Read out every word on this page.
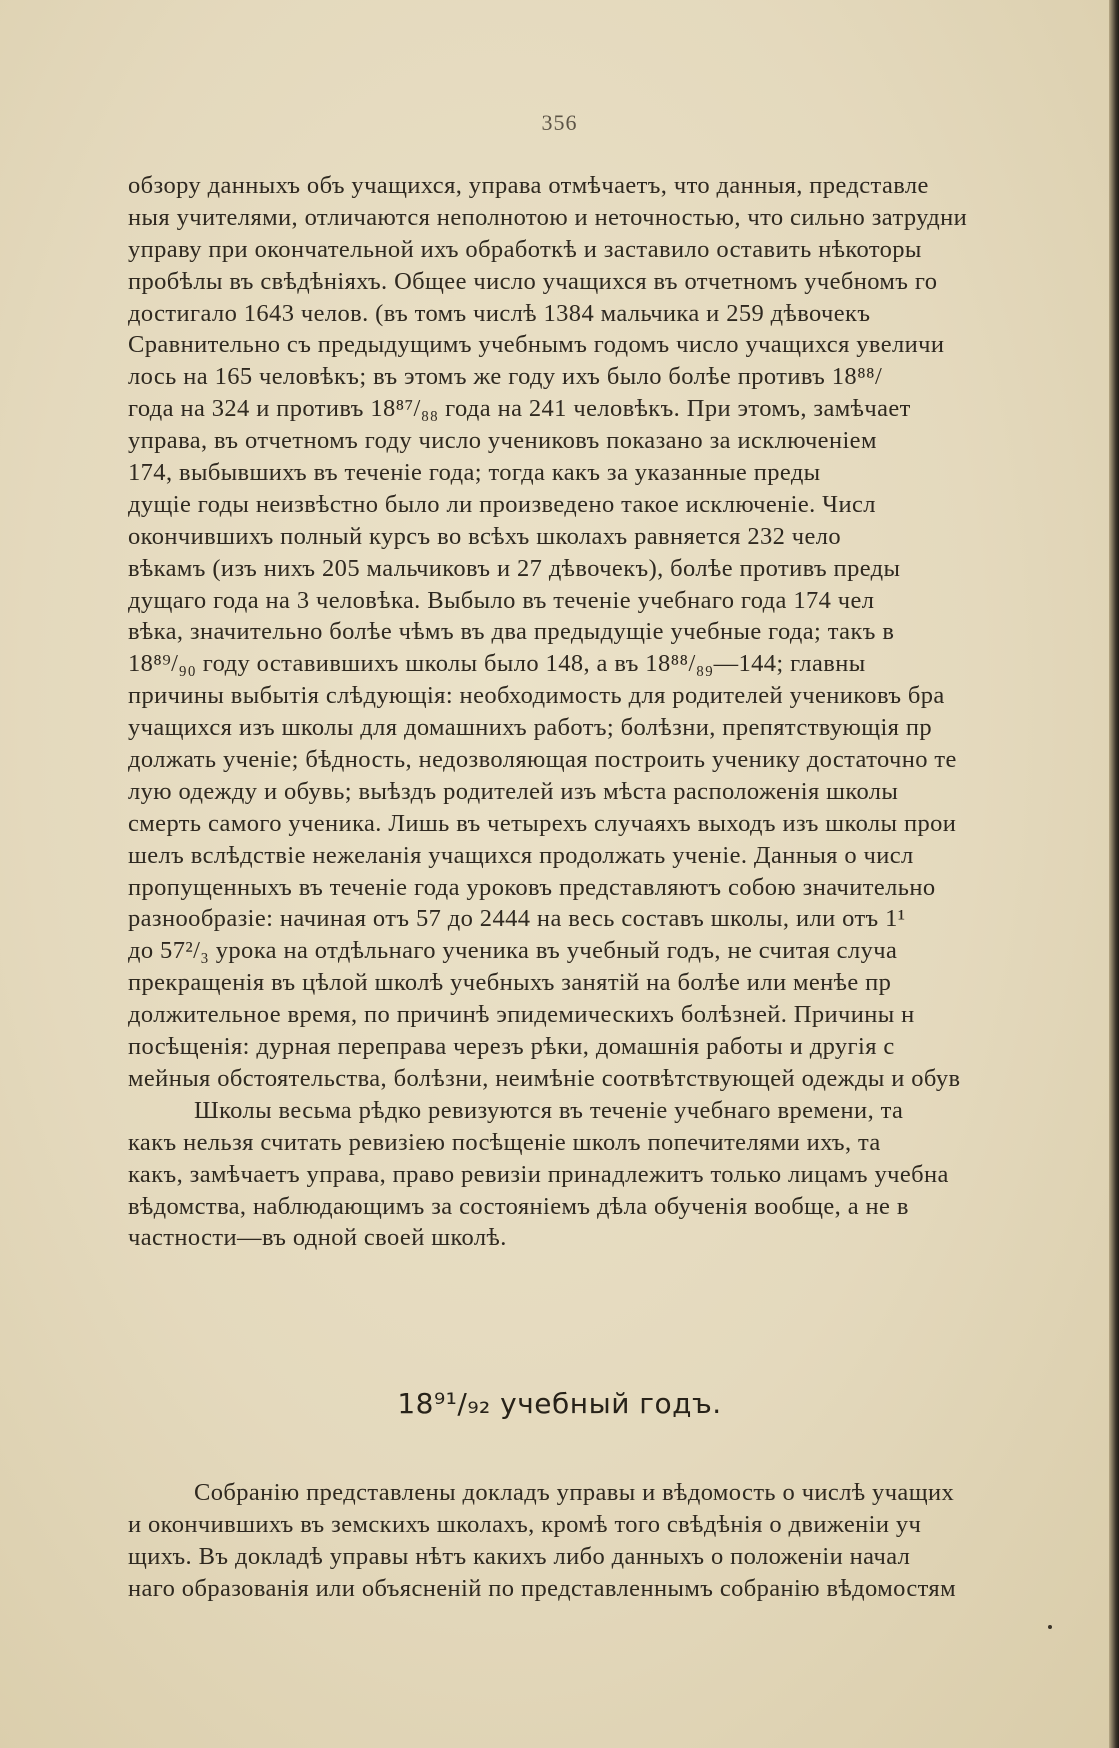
356
обзору данныхъ объ учащихся, управа отмѣчаетъ, что данныя, представле
ныя учителями, отличаются неполнотою и неточностью, что сильно затрудни
управу при окончательной ихъ обработкѣ и заставило оставить нѣкоторы
пробѣлы въ свѣдѣніяхъ. Общее число учащихся въ отчетномъ учебномъ го
достигало 1643 челов. (въ томъ числѣ 1384 мальчика и 259 дѣвочекъ
Сравнительно съ предыдущимъ учебнымъ годомъ число учащихся увеличи
лось на 165 человѣкъ; въ этомъ же году ихъ было болѣе противъ 18⁸⁸/
года на 324 и противъ 18⁸⁷/₈₈ года на 241 человѣкъ. При этомъ, замѣчает
управа, въ отчетномъ году число учениковъ показано за исключеніем
174, выбывшихъ въ теченіе года; тогда какъ за указанные преды
дущіе годы неизвѣстно было ли произведено такое исключеніе. Числ
окончившихъ полный курсъ во всѣхъ школахъ равняется 232 чело
вѣкамъ (изъ нихъ 205 мальчиковъ и 27 дѣвочекъ), болѣе противъ преды
дущаго года на 3 человѣка. Выбыло въ теченіе учебнаго года 174 чел
вѣка, значительно болѣе чѣмъ въ два предыдущіе учебные года; такъ в
18⁸⁹/₉₀ году оставившихъ школы было 148, а въ 18⁸⁸/₈₉—144; главны
причины выбытія слѣдующія: необходимость для родителей учениковъ бра
учащихся изъ школы для домашнихъ работъ; болѣзни, препятствующія пр
должать ученіе; бѣдность, недозволяющая построить ученику достаточно те
лую одежду и обувь; выѣздъ родителей изъ мѣста расположенія школы
смерть самого ученика. Лишь въ четырехъ случаяхъ выходъ изъ школы прои
шелъ вслѣдствіе нежеланія учащихся продолжать ученіе. Данныя о числ
пропущенныхъ въ теченіе года уроковъ представляютъ собою значительно
разнообразіе: начиная отъ 57 до 2444 на весь составъ школы, или отъ 1¹
до 57²/₃ урока на отдѣльнаго ученика въ учебный годъ, не считая случа
прекращенія въ цѣлой школѣ учебныхъ занятій на болѣе или менѣе пр
должительное время, по причинѣ эпидемическихъ болѣзней. Причины н
посѣщенія: дурная переправа черезъ рѣки, домашнія работы и другія с
мейныя обстоятельства, болѣзни, неимѣніе соотвѣтствующей одежды и обув
Школы весьма рѣдко ревизуются въ теченіе учебнаго времени, та
какъ нельзя считать ревизіею посѣщеніе школъ попечителями ихъ, та
какъ, замѣчаетъ управа, право ревизіи принадлежитъ только лицамъ учебна
вѣдомства, наблюдающимъ за состояніемъ дѣла обученія вообще, а не в
частности—въ одной своей школѣ.
18⁹¹/₉₂ учебный годъ.
Собранію представлены докладъ управы и вѣдомость о числѣ учащих
и окончившихъ въ земскихъ школахъ, кромѣ того свѣдѣнія о движеніи уч
щихъ. Въ докладѣ управы нѣтъ какихъ либо данныхъ о положеніи начал
наго образованія или объясненій по представленнымъ собранію вѣдомостям
